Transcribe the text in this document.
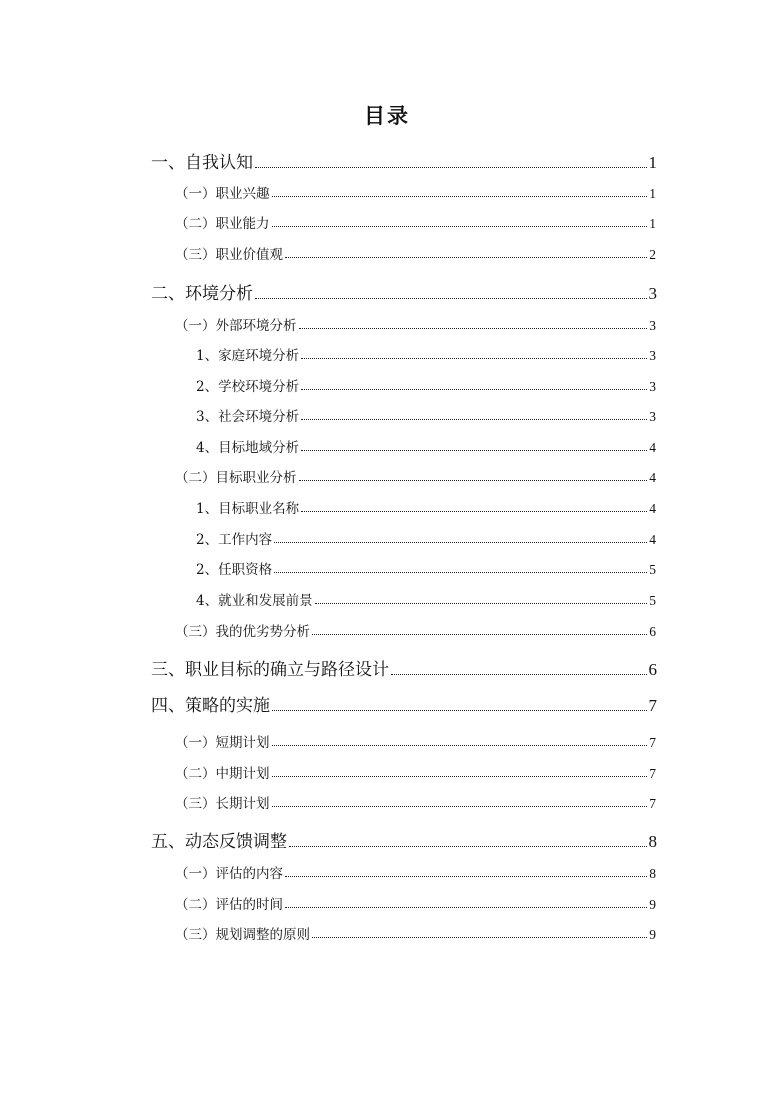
目录
一、自我认知	1
（一）职业兴趣	1
（二）职业能力	1
（三）职业价值观	2
二、环境分析	3
（一）外部环境分析	3
1、家庭环境分析	3
2、学校环境分析	3
3、社会环境分析	3
4、目标地域分析	4
（二）目标职业分析	4
1、目标职业名称	4
2、工作内容	4
2、任职资格	5
4、就业和发展前景	5
（三）我的优劣势分析	6
三、职业目标的确立与路径设计	6
四、策略的实施	7
（一）短期计划	7
（二）中期计划	7
（三）长期计划	7
五、动态反馈调整	8
（一）评估的内容	8
（二）评估的时间	9
（三）规划调整的原则	9
